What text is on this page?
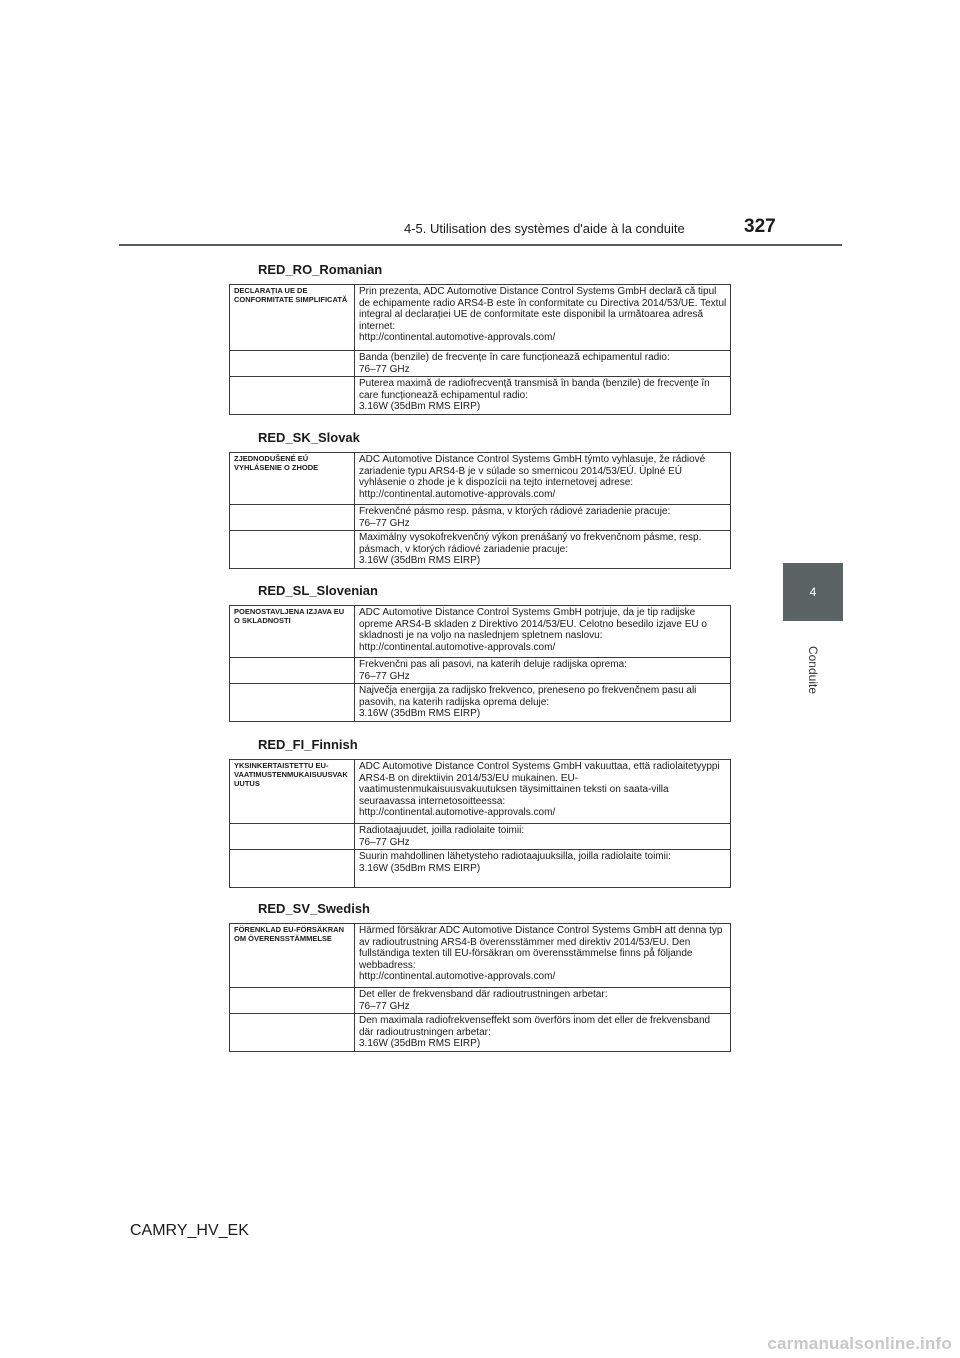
4-5. Utilisation des systèmes d'aide à la conduite	327
4
Conduite
RED_RO_Romanian
DECLARAȚIA UE DE CONFORMITATE SIMPLIFICATĂ	Prin prezenta, ADC Automotive Distance Control Systems GmbH declară că tipul de echipamente radio ARS4-B este în conformitate cu Directiva 2014/53/UE. Textul integral al declarației UE de conformitate este disponibil la următoarea adresă internet:
http://continental.automotive-approvals.com/
	Banda (benzile) de frecvențe în care funcționează echipamentul radio:
76–77 GHz
	Puterea maximă de radiofrecvență transmisă în banda (benzile) de frecvențe în care funcționează echipamentul radio:
3.16W (35dBm RMS EIRP)
RED_SK_Slovak
ZJEDNODUŠENÉ EÚ VYHLÁSENIE O ZHODE	ADC Automotive Distance Control Systems GmbH týmto vyhlasuje, že rádiové zariadenie typu ARS4-B je v súlade so smernicou 2014/53/EÚ. Úplné EÚ vyhlásenie o zhode je k dispozícii na tejto internetovej adrese:
http://continental.automotive-approvals.com/
	Frekvenčné pásmo resp. pásma, v ktorých rádiové zariadenie pracuje:
76–77 GHz
	Maximálny vysokofrekvenčný výkon prenášaný vo frekvenčnom pásme, resp. pásmach, v ktorých rádiové zariadenie pracuje:
3.16W (35dBm RMS EIRP)
RED_SL_Slovenian
POENOSTAVLJENA IZJAVA EU O SKLADNOSTI	ADC Automotive Distance Control Systems GmbH potrjuje, da je tip radijske opreme ARS4-B skladen z Direktivo 2014/53/EU. Celotno besedilo izjave EU o skladnosti je na voljo na naslednjem spletnem naslovu:
http://continental.automotive-approvals.com/
	Frekvenčni pas ali pasovi, na katerih deluje radijska oprema:
76–77 GHz
	Največja energija za radijsko frekvenco, preneseno po frekvenčnem pasu ali pasovih, na katerih radijska oprema deluje:
3.16W (35dBm RMS EIRP)
RED_FI_Finnish
YKSINKERTAISTETTU EU-VAATIMUSTENMUKAISUUSVAKUUTUS	ADC Automotive Distance Control Systems GmbH vakuuttaa, että radiolaitetyyppi ARS4-B on direktiivin 2014/53/EU mukainen. EU-vaatimustenmukaisuusvakuutuksen täysimittainen teksti on saata-villa seuraavassa internetosoitteessa:
http://continental.automotive-approvals.com/
	Radiotaajuudet, joilla radiolaite toimii:
76–77 GHz
	Suurin mahdollinen lähetysteho radiotaajuuksilla, joilla radiolaite toimii:
3.16W (35dBm RMS EIRP)
RED_SV_Swedish
FÖRENKLAD EU-FÖRSÄKRAN OM ÖVERENSSTÄMMELSE	Härmed försäkrar ADC Automotive Distance Control Systems GmbH att denna typ av radioutrustning ARS4-B överensstämmer med direktiv 2014/53/EU. Den fullständiga texten till EU-försäkran om överensstämmelse finns på följande webbadress:
http://continental.automotive-approvals.com/
	Det eller de frekvensband där radioutrustningen arbetar:
76–77 GHz
	Den maximala radiofrekvenseffekt som överförs inom det eller de frekvensband där radioutrustningen arbetar:
3.16W (35dBm RMS EIRP)
CAMRY_HV_EK
carmanualsonline.info
